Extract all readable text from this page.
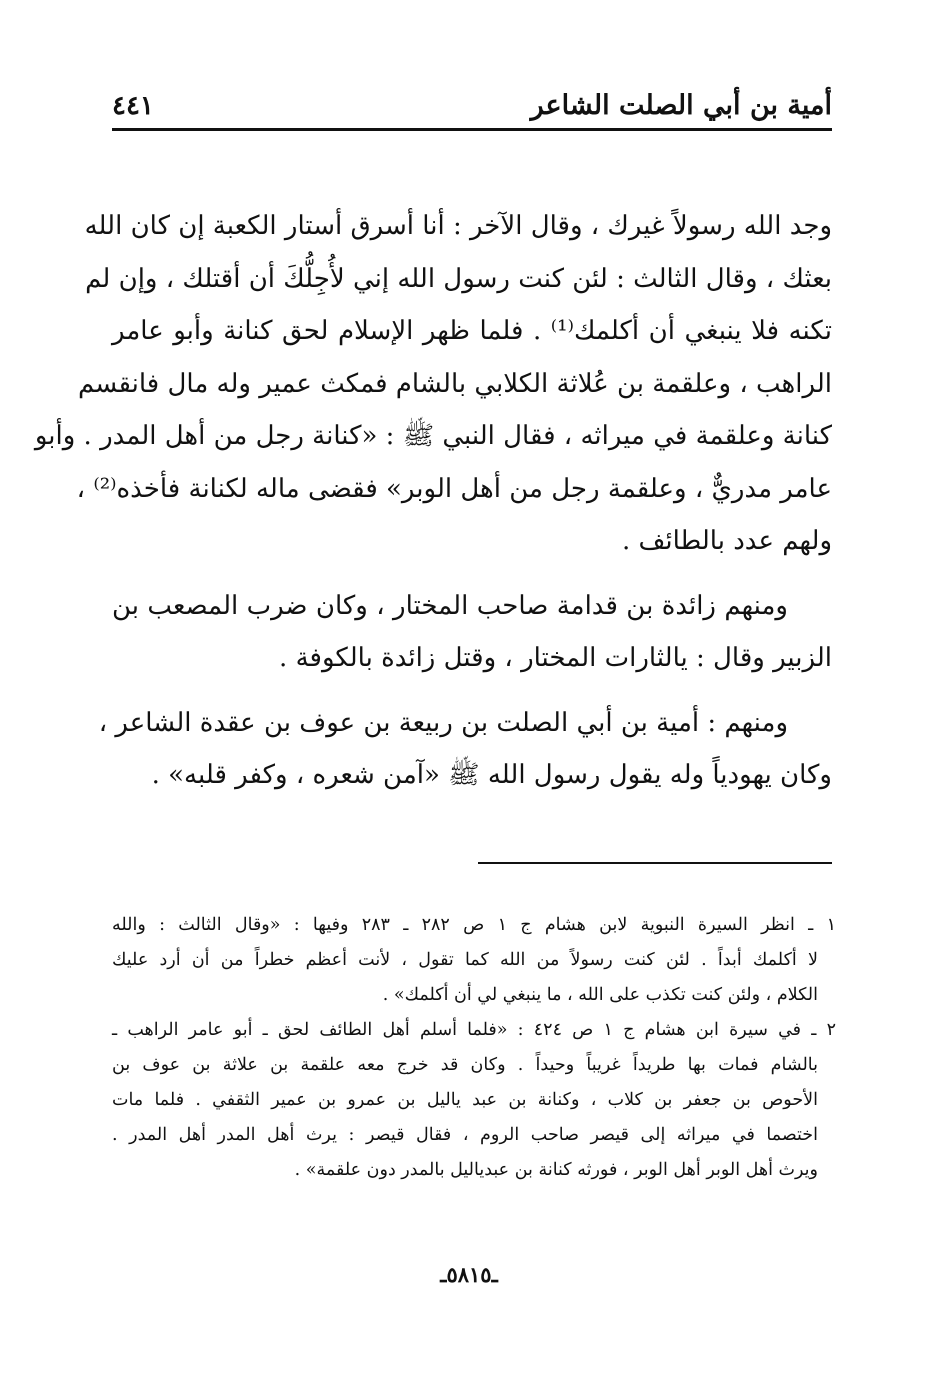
أمية بن أبي الصلت الشاعر
٤٤١

وجد الله رسولاً غيرك ، وقال الآخر : أنا أسرق أستار الكعبة إن كان الله
بعثك ، وقال الثالث : لئن كنت رسول الله إني لأُجِلُّكَ أن أقتلك ، وإن لم
تكنه فلا ينبغي أن أكلمك⁽¹⁾ . فلما ظهر الإسلام لحق كنانة وأبو عامر
الراهب ، وعلقمة بن عُلاثة الكلابي بالشام فمكث عمير وله مال فانقسم
كنانة وعلقمة في ميراثه ، فقال النبي ﷺ : «كنانة رجل من أهل المدر . وأبو
عامر مدريٌّ ، وعلقمة رجل من أهل الوبر» فقضى ماله لكنانة فأخذه⁽²⁾ ،
ولهم عدد بالطائف .

ومنهم زائدة بن قدامة صاحب المختار ، وكان ضرب المصعب بن
الزبير وقال : يالثارات المختار ، وقتل زائدة بالكوفة .

ومنهم : أمية بن أبي الصلت بن ربيعة بن عوف بن عقدة الشاعر ،
وكان يهودياً وله يقول رسول الله ﷺ «آمن شعره ، وكفر قلبه» .

١ ـ انظر السيرة النبوية لابن هشام ج ١ ص ٢٨٢ ـ ٢٨٣ وفيها : «وقال الثالث : والله
لا أكلمك أبداً . لئن كنت رسولاً من الله كما تقول ، لأنت أعظم خطراً من أن أرد عليك
الكلام ، ولئن كنت تكذب على الله ، ما ينبغي لي أن أكلمك» .

٢ ـ في سيرة ابن هشام ج ١ ص ٤٢٤ : «فلما أسلم أهل الطائف لحق ـ أبو عامر الراهب ـ
بالشام فمات بها طريداً غريباً وحيداً . وكان قد خرج معه علقمة بن علاثة بن عوف بن
الأحوص بن جعفر بن كلاب ، وكنانة بن عبد ياليل بن عمرو بن عمير الثقفي . فلما مات
اختصما في ميراثه إلى قيصر صاحب الروم ، فقال قيصر : يرث أهل المدر أهل المدر .
ويرث أهل الوبر أهل الوبر ، فورثه كنانة بن عبدياليل بالمدر دون علقمة» .

ـ٥٨١٥ـ
